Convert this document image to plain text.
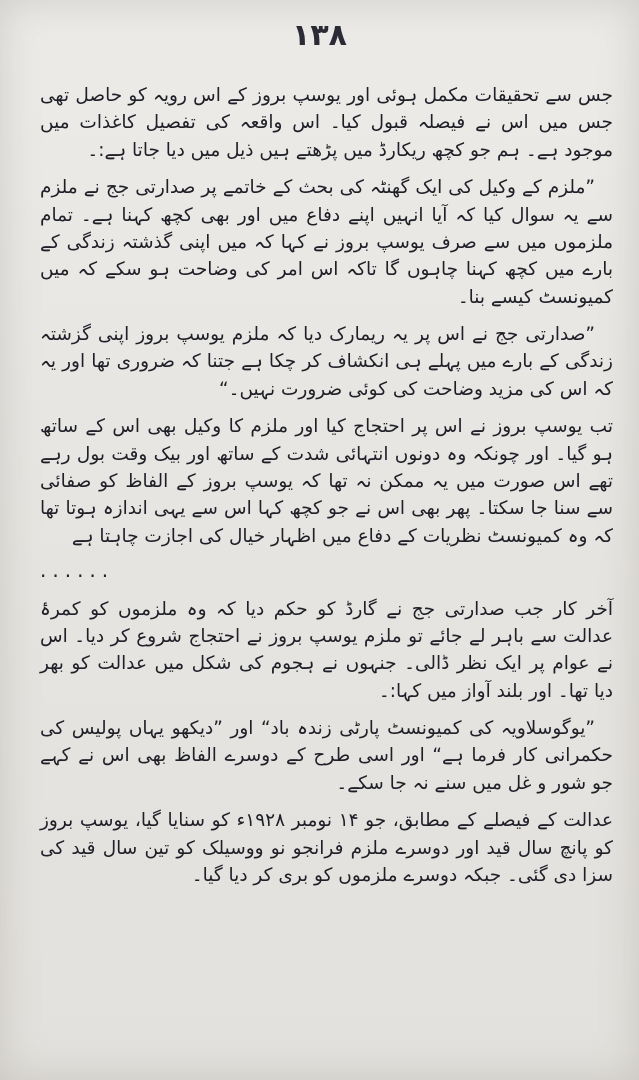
۱۳۸

جس سے تحقیقات مکمل ہوئی اور یوسپ بروز کے اس رویہ کو حاصل تھی جس میں اس نے فیصلہ قبول کیا۔ اس واقعہ کی تفصیل کاغذات میں موجود ہے۔ ہم جو کچھ ریکارڈ میں پڑھتے ہیں ذیل میں دیا جاتا ہے:۔

”ملزم کے وکیل کی ایک گھنٹہ کی بحث کے خاتمے پر صدارتی جج نے ملزم سے یہ سوال کیا کہ آیا انہیں اپنے دفاع میں اور بھی کچھ کہنا ہے۔ تمام ملزموں میں سے صرف یوسپ بروز نے کہا کہ میں اپنی گذشتہ زندگی کے بارے میں کچھ کہنا چاہوں گا تاکہ اس امر کی وضاحت ہو سکے کہ میں کمیونسٹ کیسے بنا۔

”صدارتی جج نے اس پر یہ ریمارک دیا کہ ملزم یوسپ بروز اپنی گزشتہ زندگی کے بارے میں پہلے ہی انکشاف کر چکا ہے جتنا کہ ضروری تھا اور یہ کہ اس کی مزید وضاحت کی کوئی ضرورت نہیں۔“

تب یوسپ بروز نے اس پر احتجاج کیا اور ملزم کا وکیل بھی اس کے ساتھ ہو گیا۔ اور چونکہ وہ دونوں انتہائی شدت کے ساتھ اور بیک وقت بول رہے تھے اس صورت میں یہ ممکن نہ تھا کہ یوسپ بروز کے الفاظ کو صفائی سے سنا جا سکتا۔ پھر بھی اس نے جو کچھ کہا اس سے یہی اندازہ ہوتا تھا کہ وہ کمیونسٹ نظریات کے دفاع میں اظہار خیال کی اجازت چاہتا ہے

......

آخر کار جب صدارتی جج نے گارڈ کو حکم دیا کہ وہ ملزموں کو کمرۂ عدالت سے باہر لے جائے تو ملزم یوسپ بروز نے احتجاج شروع کر دیا۔ اس نے عوام پر ایک نظر ڈالی۔ جنہوں نے ہجوم کی شکل میں عدالت کو بھر دیا تھا۔ اور بلند آواز میں کہا:۔

”یوگوسلاویہ کی کمیونسٹ پارٹی زندہ باد“ اور ”دیکھو یہاں پولیس کی حکمرانی کار فرما ہے“ اور اسی طرح کے دوسرے الفاظ بھی اس نے کہے جو شور و غل میں سنے نہ جا سکے۔

عدالت کے فیصلے کے مطابق، جو ۱۴ نومبر ۱۹۲۸ء کو سنایا گیا، یوسپ بروز کو پانچ سال قید اور دوسرے ملزم فرانجو نو ووسیلک کو تین سال قید کی سزا دی گئی۔ جبکہ دوسرے ملزموں کو بری کر دیا گیا۔
